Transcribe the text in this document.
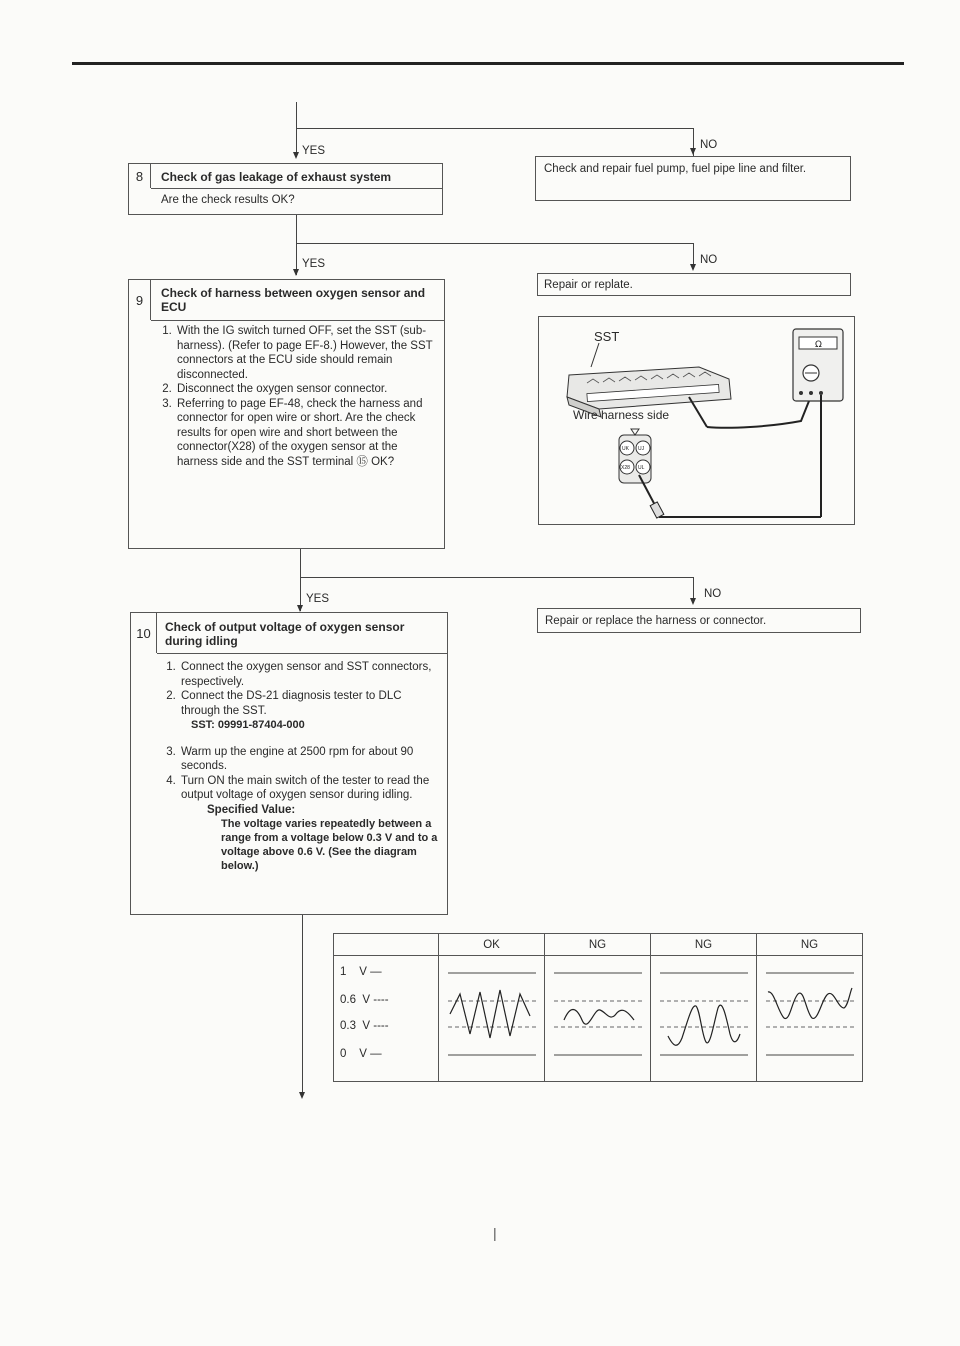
YES	NO
8	Check of gas leakage of exhaust system
Are the check results OK?
Check and repair fuel pump, fuel pipe line and filter.
YES	NO
9	Check of harness between oxygen sensor and ECU
1. With the IG switch turned OFF, set the SST (sub-harness). (Refer to page EF-8.) However, the SST connectors at the ECU side should remain disconnected.
2. Disconnect the oxygen sensor connector.
3. Referring to page EF-48, check the harness and connector for open wire or short. Are the check results for open wire and short between the connector(X28) of the oxygen sensor at the harness side and the SST terminal ⑮ OK?
Repair or replate.
SST
Wire harness side
Ω
UK UJ
X28 UL
YES	NO
10	Check of output voltage of oxygen sensor during idling
1. Connect the oxygen sensor and SST connectors, respectively.
2. Connect the DS-21 diagnosis tester to DLC through the SST.
SST: 09991-87404-000
3. Warm up the engine at 2500 rpm for about 90 seconds.
4. Turn ON the main switch of the tester to read the output voltage of oxygen sensor during idling.
Specified Value:
The voltage varies repeatedly between a range from a voltage below 0.3 V and to a voltage above 0.6 V. (See the diagram below.)
Repair or replace the harness or connector.
	OK	NG	NG	NG

1 V —
0.6 V ----
0.3 V ----
0 V —

|
